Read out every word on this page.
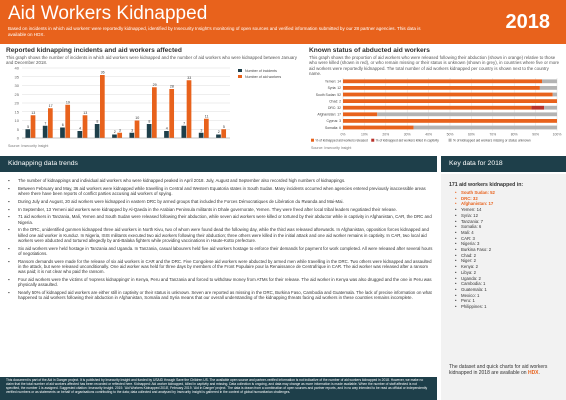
Aid Workers Kidnapped
Based on incidents in which aid workers' were reportedly kidnapped, identified by Insecurity Insight's monitoring of open sources and verified information submitted by our 28 partner agencies. This data is available on HDX.
2018
Reported kidnapping incidents and aid workers affected
This graph shows the number of incidents in which aid workers were kidnapped and the number of aid workers who were kidnapped between January and December 2018.
40
35
30
25
20
15
10
5
0
5
13
7
17
6
19
4
13
8
36
2 3	3
10
8
29
4
28
7
33
3
11
2
5
Number of incidents
Number of aid workers
Source: Insecurity Insight
Known status of abducted aid workers
This graph shows the proportion of aid workers who were released following their abduction (shown in orange) relative to those who were killed (shown in red), or who remain missing or their status is unknown (shown in grey), in countries where five or more aid workers were reportedly kidnapped. The total number of aid workers kidnapped per country is shown next to the country name.
0%	10%	20%	30%	40%	50%	60%	70%	80%	90%	100%
Yemen: 14
Syria: 12
South Sudan: 52
Chad: 2
DRC: 32
Afghanistan: 17
Cyprus: 3
Somalia: 6
% of kidnapped aid workers released % of kidnapped aid workers killed in captivity	% of kidnapped aid workers missing or status unknown
Source: Insecurity Insight
Kidnapping data trends	Key data for 2018
▪ The number of kidnappings and individual aid workers who were kidnapped peaked in April 2018. July, August and September also recorded high numbers of kidnappings.
▪ Between February and May, 36 aid workers were kidnapped while travelling in Central and Western Equatoria states in South Sudan. Many incidents occurred when agencies entered previously inaccessible areas where there have been reports of conflict parties accusing aid workers of spying.
▪ During July and August, 20 aid workers were kidnapped in eastern DRC by armed groups that included the Forces Démocratiques de Libération du Rwanda and Mai-Mai.
▪ In September, 13 Yemeni aid workers were kidnapped by Al-Qaeda in the Arabian Peninsula militants in Dhale governorate, Yemen. They were freed after local tribal leaders negotiated their release.
▪ 71 aid workers in Tanzania, Mali, Yemen and South Sudan were released following their abduction, while seven aid workers were killed or tortured by their abductor while in captivity in Afghanistan, CAR, the DRC and Nigeria.
▪ In the DRC, unidentified gunmen kidnapped three aid workers in North Kivu, two of whom were found dead the following day, while the third was released afterwards. In Afghanistan, opposition forces kidnapped and killed one aid worker in Kunduz. In Nigeria, ISIS militants executed two aid workers following their abduction; three others were killed in the initial attack and one aid worker remains in captivity. In CAR, two local aid workers were abducted and tortured allegedly by anti-Balaka fighters while providing vaccinations in Haute-Kotto prefecture.
▪ Six aid workers were held hostage in Tanzania and Uganda. In Tanzania, casual labourers held five aid workers hostage to enforce their demands for payment for work completed. All were released after several hours of negotiations.
▪ Ransom demands were made for the release of six aid workers in CAR and the DRC. Five Congolese aid workers were abducted by armed men while travelling in the DRC. Two others were kidnapped and assaulted in the attack, but were released unconditionally. One aid worker was held for three days by members of the Front Populaire pour la Renaissance de Centrafrique in CAR. The aid worker was released after a ransom was paid; it is not clear who paid the ransom.
▪ Four aid workers were the victims of 'express kidnappings' in Kenya, Peru and Tanzania and forced to withdraw money from ATMs for their release. The aid worker in Kenya was also drugged and the one in Peru was physically assaulted.
▪ Nearly 50% of kidnapped aid workers are either still in captivity or their status is unknown. Seven are reported as missing in the DRC, Burkina Faso, Cambodia and Guatemala. The lack of precise information on what happened to aid workers following their abduction in Afghanistan, Somalia and Syria means that our overall understanding of the kidnapping threats facing aid workers in these countries remains incomplete.
171 aid workers kidnapped in:
• South Sudan: 52
• DRC: 32
• Afghanistan: 17
• Yemen: 14
• Syria: 12
• Tanzania: 7
• Somalia: 6
• Mali: 4
• CAR: 3
• Nigeria: 3
• Burkina Faso: 2
• Chad: 2
• Niger: 2
• Kenya: 2
• Libya: 2
• Uganda: 2
• Cambodia: 1
• Guatemala: 1
• Mexico: 1
• Peru: 1
• Philippines: 1
The dataset and quick charts for aid workers kidnapped in 2018 are available on HDX.

This document is part of the Aid in Danger project. It is published by Insecurity Insight and funded by USAID through Save the Children US. The available open source and partner-verified information is not indicative of the number of aid workers kidnapped in 2018. However, we make no claim that the total number of aid workers affected has been recorded or reflected here. Kidnapped: Aid worker kidnapped, killed in captivity and missing. Data collection is ongoing, and data may change as more information is made available. When the number of staff affected is not specified, the number 1 is assigned. Suggested citation: Insecurity Insight. 2019. 'Aid Workers Kidnapped 2018', February 2019. 'Aid in Danger' project. The data is drawn from a combination of open sources and partner reports, and in no way intended to be read as official or independently verified numbers or as statements on behalf of organisations contributing to the data; data collected and analysed by Insecurity Insight is gathered in the context of global humanitarian challenges.
